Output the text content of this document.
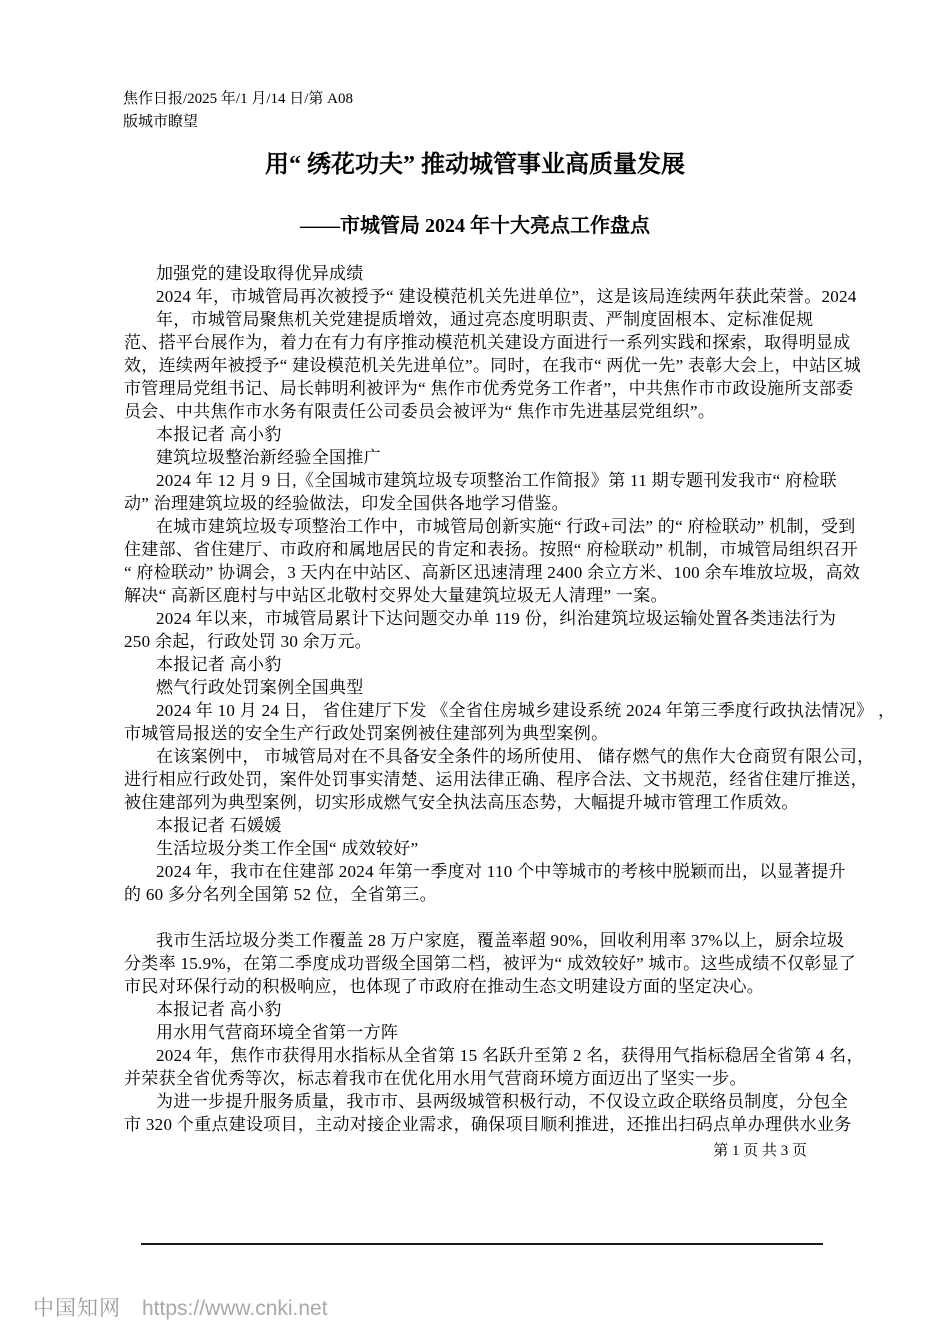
焦作日报/2025 年/1 月/14 日/第 A08
版城市瞭望
用“ 绣花功夫” 推动城管事业高质量发展
——市城管局 2024 年十大亮点工作盘点
加强党的建设取得优异成绩
2024 年，市城管局再次被授予“ 建设模范机关先进单位”，这是该局连续两年获此荣誉。2024
年，市城管局聚焦机关党建提质增效，通过亮态度明职责、严制度固根本、定标准促规
范、搭平台展作为，着力在有力有序推动模范机关建设方面进行一系列实践和探索，取得明显成
效，连续两年被授予“ 建设模范机关先进单位”。同时，在我市“ 两优一先” 表彰大会上，中站区城
市管理局党组书记、局长韩明利被评为“ 焦作市优秀党务工作者”，中共焦作市市政设施所支部委
员会、中共焦作市水务有限责任公司委员会被评为“ 焦作市先进基层党组织”。
本报记者 高小豹
建筑垃圾整治新经验全国推广
2024 年 12 月 9 日,《全国城市建筑垃圾专项整治工作简报》第 11 期专题刊发我市“ 府检联
动” 治理建筑垃圾的经验做法，印发全国供各地学习借鉴。
在城市建筑垃圾专项整治工作中，市城管局创新实施“ 行政+司法” 的“ 府检联动” 机制，受到
住建部、省住建厅、市政府和属地居民的肯定和表扬。按照“ 府检联动” 机制，市城管局组织召开
“ 府检联动” 协调会，3 天内在中站区、高新区迅速清理 2400 余立方米、100 余车堆放垃圾，高效
解决“ 高新区鹿村与中站区北敬村交界处大量建筑垃圾无人清理” 一案。
2024 年以来，市城管局累计下达问题交办单 119 份，纠治建筑垃圾运输处置各类违法行为
250 余起，行政处罚 30 余万元。
本报记者 高小豹
燃气行政处罚案例全国典型
2024 年 10 月 24 日， 省住建厅下发 《全省住房城乡建设系统 2024 年第三季度行政执法情况》 ，
市城管局报送的安全生产行政处罚案例被住建部列为典型案例。
在该案例中， 市城管局对在不具备安全条件的场所使用、 储存燃气的焦作大仓商贸有限公司，
进行相应行政处罚，案件处罚事实清楚、运用法律正确、程序合法、文书规范，经省住建厅推送，
被住建部列为典型案例，切实形成燃气安全执法高压态势，大幅提升城市管理工作质效。
本报记者 石媛媛
生活垃圾分类工作全国“ 成效较好”
2024 年，我市在住建部 2024 年第一季度对 110 个中等城市的考核中脱颖而出，以显著提升
的 60 多分名列全国第 52 位，全省第三。
我市生活垃圾分类工作覆盖 28 万户家庭，覆盖率超 90%，回收利用率 37%以上，厨余垃圾
分类率 15.9%，在第二季度成功晋级全国第二档，被评为“ 成效较好” 城市。这些成绩不仅彰显了
市民对环保行动的积极响应，也体现了市政府在推动生态文明建设方面的坚定决心。
本报记者 高小豹
用水用气营商环境全省第一方阵
2024 年，焦作市获得用水指标从全省第 15 名跃升至第 2 名，获得用气指标稳居全省第 4 名，
并荣获全省优秀等次，标志着我市在优化用水用气营商环境方面迈出了坚实一步。
为进一步提升服务质量，我市市、县两级城管积极行动，不仅设立政企联络员制度，分包全
市 320 个重点建设项目，主动对接企业需求，确保项目顺利推进，还推出扫码点单办理供水业务
第 1 页 共 3 页
中国知网 https://www.cnki.net
